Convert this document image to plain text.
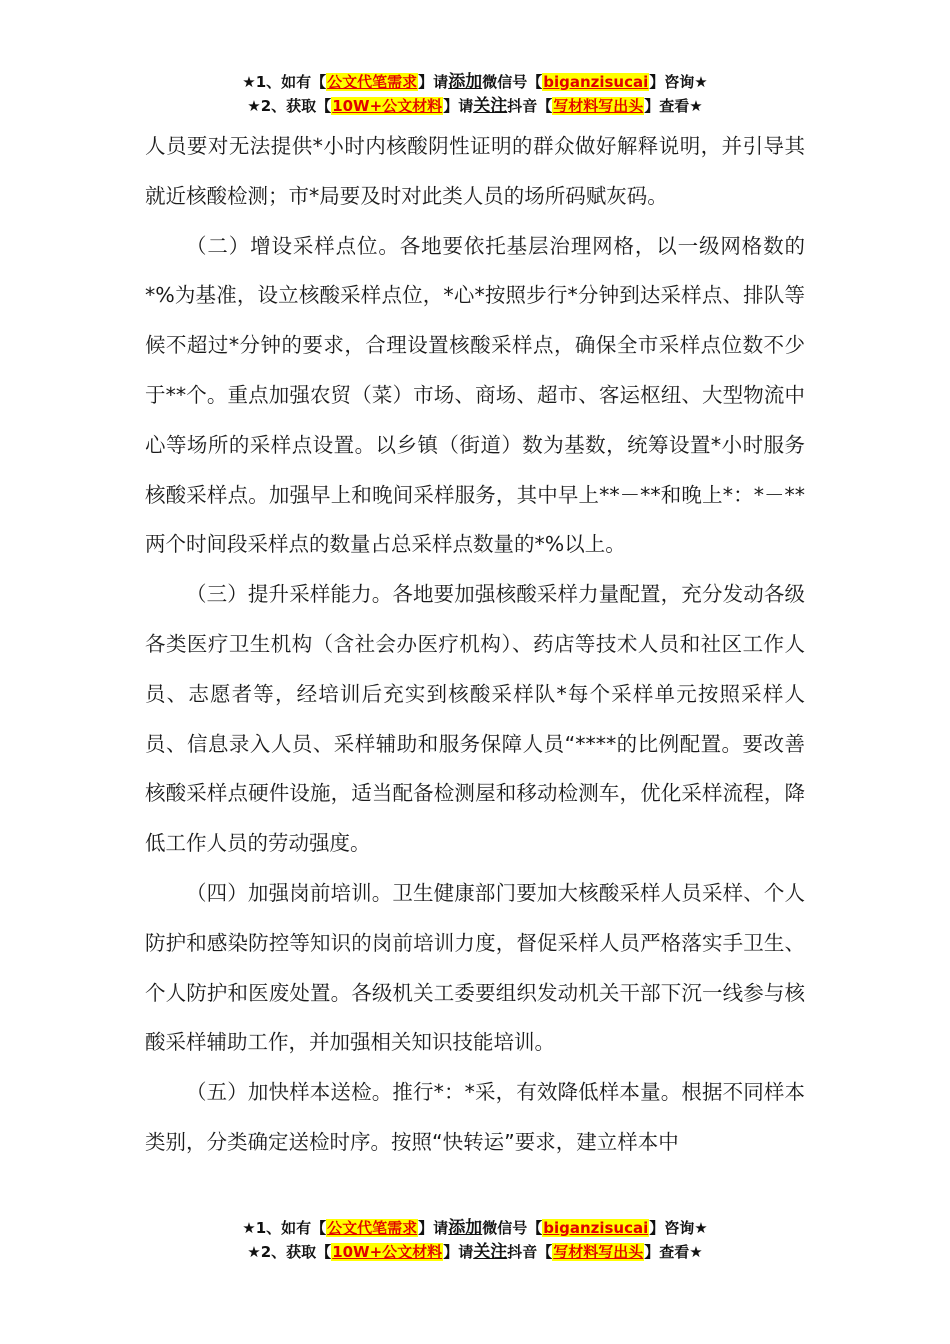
★1、如有【公文代笔需求】请添加微信号【biganzisucai】咨询★
★2、获取【10W+公文材料】请关注抖音【写材料写出头】查看★

人员要对无法提供*小时内核酸阴性证明的群众做好解释说明，并引导其就近核酸检测；市*局要及时对此类人员的场所码赋灰码。

（二）增设采样点位。各地要依托基层治理网格，以一级网格数的*%为基准，设立核酸采样点位，*心*按照步行*分钟到达采样点、排队等候不超过*分钟的要求，合理设置核酸采样点，确保全市采样点位数不少于**个。重点加强农贸（菜）市场、商场、超市、客运枢纽、大型物流中心等场所的采样点设置。以乡镇（街道）数为基数，统筹设置*小时服务核酸采样点。加强早上和晚间采样服务，其中早上**－**和晚上*：*－**两个时间段采样点的数量占总采样点数量的*%以上。

（三）提升采样能力。各地要加强核酸采样力量配置，充分发动各级各类医疗卫生机构（含社会办医疗机构）、药店等技术人员和社区工作人员、志愿者等，经培训后充实到核酸采样队*每个采样单元按照采样人员、信息录入人员、采样辅助和服务保障人员“****的比例配置。要改善核酸采样点硬件设施，适当配备检测屋和移动检测车，优化采样流程，降低工作人员的劳动强度。

（四）加强岗前培训。卫生健康部门要加大核酸采样人员采样、个人防护和感染防控等知识的岗前培训力度，督促采样人员严格落实手卫生、个人防护和医废处置。各级机关工委要组织发动机关干部下沉一线参与核酸采样辅助工作，并加强相关知识技能培训。

（五）加快样本送检。推行*：*采，有效降低样本量。根据不同样本类别，分类确定送检时序。按照“快转运”要求，建立样本中

★1、如有【公文代笔需求】请添加微信号【biganzisucai】咨询★
★2、获取【10W+公文材料】请关注抖音【写材料写出头】查看★
